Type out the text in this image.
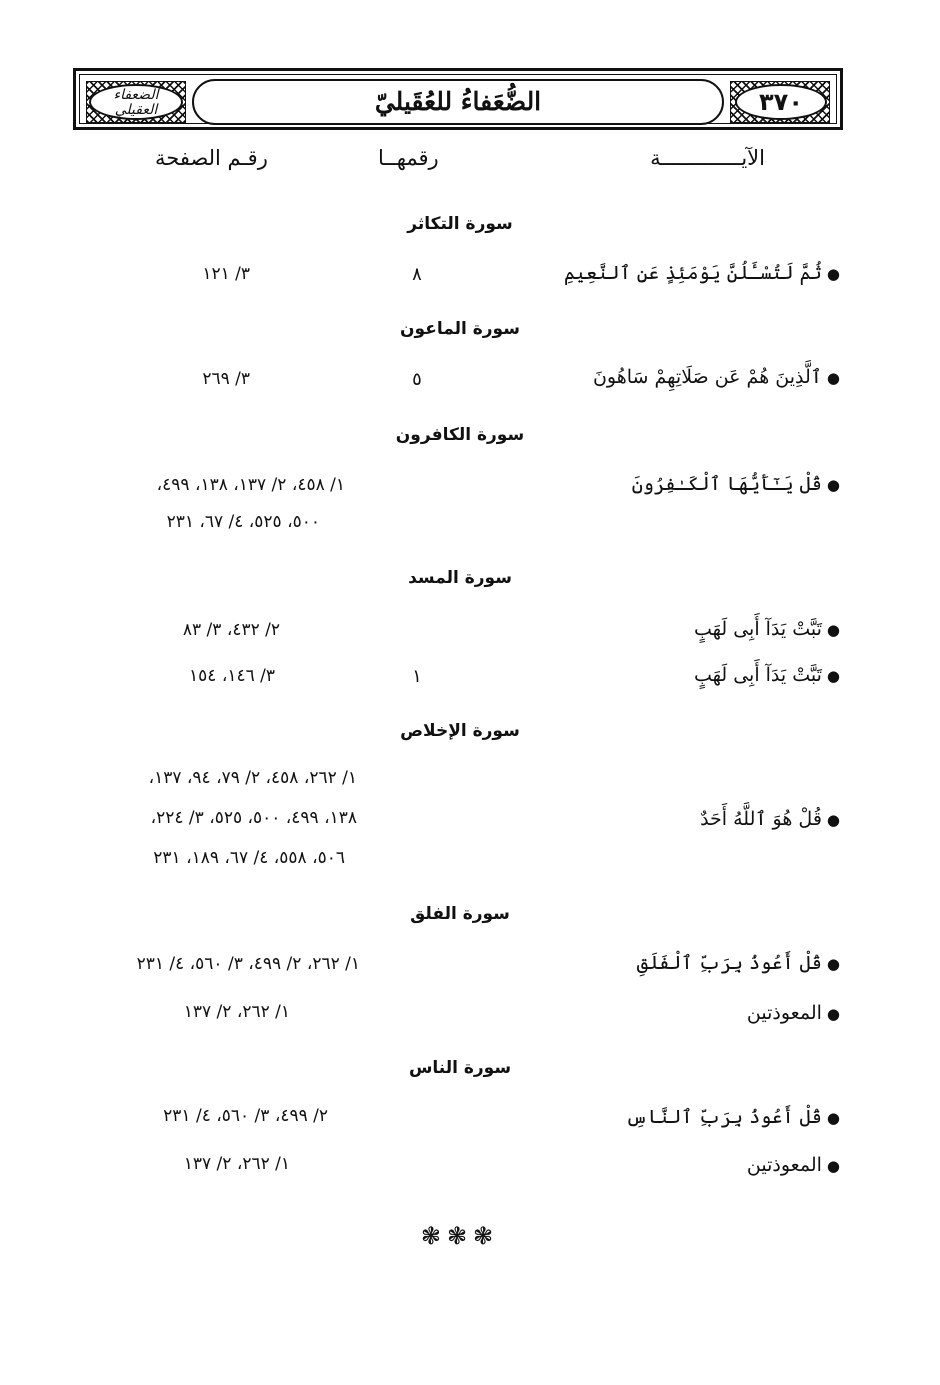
الضعفاء العقيلي	٣٧٠
الضُّعَفاءُ للعُقَيليّ
الآيـــــــــــــة
رقمهــا
رقـم الصفحة
سورة التكاثر
●ثُمَّ لَتُسْـَٔلُنَّ يَوْمَئِذٍ عَنِ ٱلنَّعِيمِ
٨
٣/ ١٢١
سورة الماعون
●ٱلَّذِينَ هُمْ عَن صَلَاتِهِمْ سَاهُونَ
٥
٣/ ٢٦٩
سورة الكافرون
●قُلْ يَـٰٓأَيُّهَا ٱلْكَـٰفِرُونَ
١/ ٤٥٨، ٢/ ١٣٧، ١٣٨، ٤٩٩،
٥٠٠، ٥٢٥، ٤/ ٦٧، ٢٣١
سورة المسد
●تَبَّتْ يَدَآ أَبِى لَهَبٍ
٢/ ٤٣٢، ٣/ ٨٣
●تَبَّتْ يَدَآ أَبِى لَهَبٍ
١
٣/ ١٤٦، ١٥٤
سورة الإخلاص
١/ ٢٦٢، ٤٥٨، ٢/ ٧٩، ٩٤، ١٣٧،
●قُلْ هُوَ ٱللَّهُ أَحَدٌ
١٣٨، ٤٩٩، ٥٠٠، ٥٢٥، ٣/ ٢٢٤،
٥٠٦، ٥٥٨، ٤/ ٦٧، ١٨٩، ٢٣١
سورة الفلق
●قُلْ أَعُوذُ بِرَبِّ ٱلْفَلَقِ
١/ ٢٦٢، ٢/ ٤٩٩، ٣/ ٥٦٠، ٤/ ٢٣١
●المعوذتين
١/ ٢٦٢، ٢/ ١٣٧
سورة الناس
●قُلْ أَعُوذُ بِرَبِّ ٱلنَّاسِ
٢/ ٤٩٩، ٣/ ٥٦٠، ٤/ ٢٣١
●المعوذتين
١/ ٢٦٢، ٢/ ١٣٧
❃❃❃
